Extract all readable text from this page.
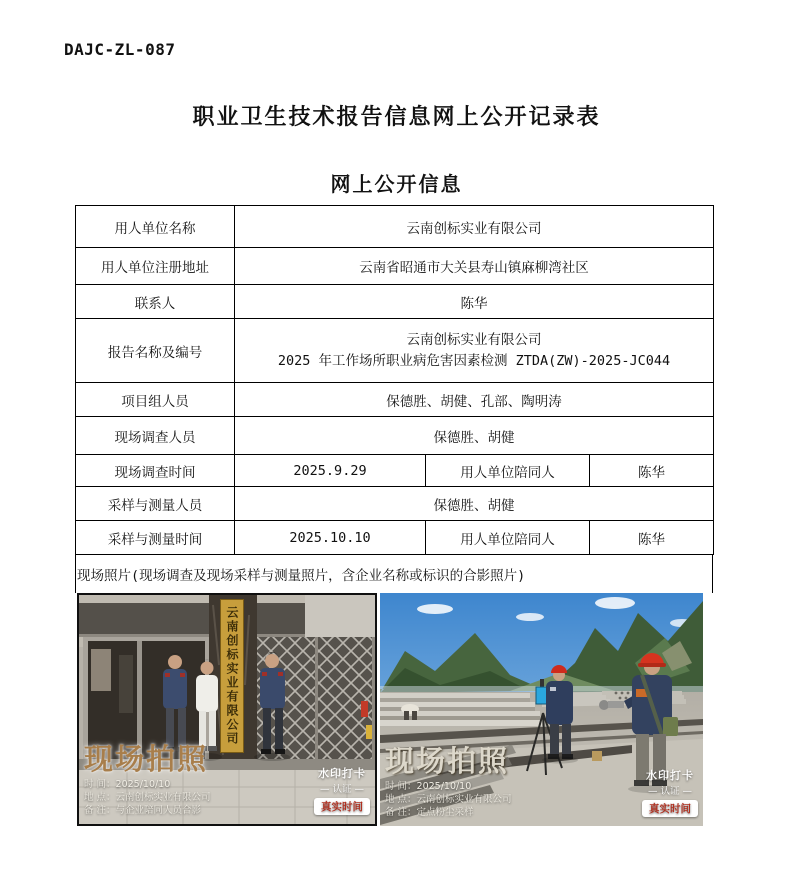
DAJC-ZL-087
职业卫生技术报告信息网上公开记录表
网上公开信息
用人单位名称	云南创标实业有限公司		
用人单位注册地址	云南省昭通市大关县寿山镇麻柳湾社区		
联系人	陈华		
报告名称及编号	云南创标实业有限公司
2025 年工作场所职业病危害因素检测 ZTDA(ZW)-2025-JC044		

项目组人员	保德胜、胡健、孔部、陶明涛		
现场调查人员	保德胜、胡健		
现场调查时间	2025.9.29	用人单位陪同人	陈华
采样与测量人员	保德胜、胡健		
采样与测量时间	2025.10.10	用人单位陪同人	陈华
现场照片(现场调查及现场采样与测量照片，含企业名称或标识的合影照片)
云南创标实业有限公司
现场拍照
时 间：2025/10/10
地 点：云南创标实业有限公司
备 注：与企业陪同人员合影
水印打卡
— 认证 —
真实时间
现场拍照
时 间：2025/10/10
地 点：云南创标实业有限公司
备 注：定点粉尘采样
水印打卡
— 认证 —
真实时间
